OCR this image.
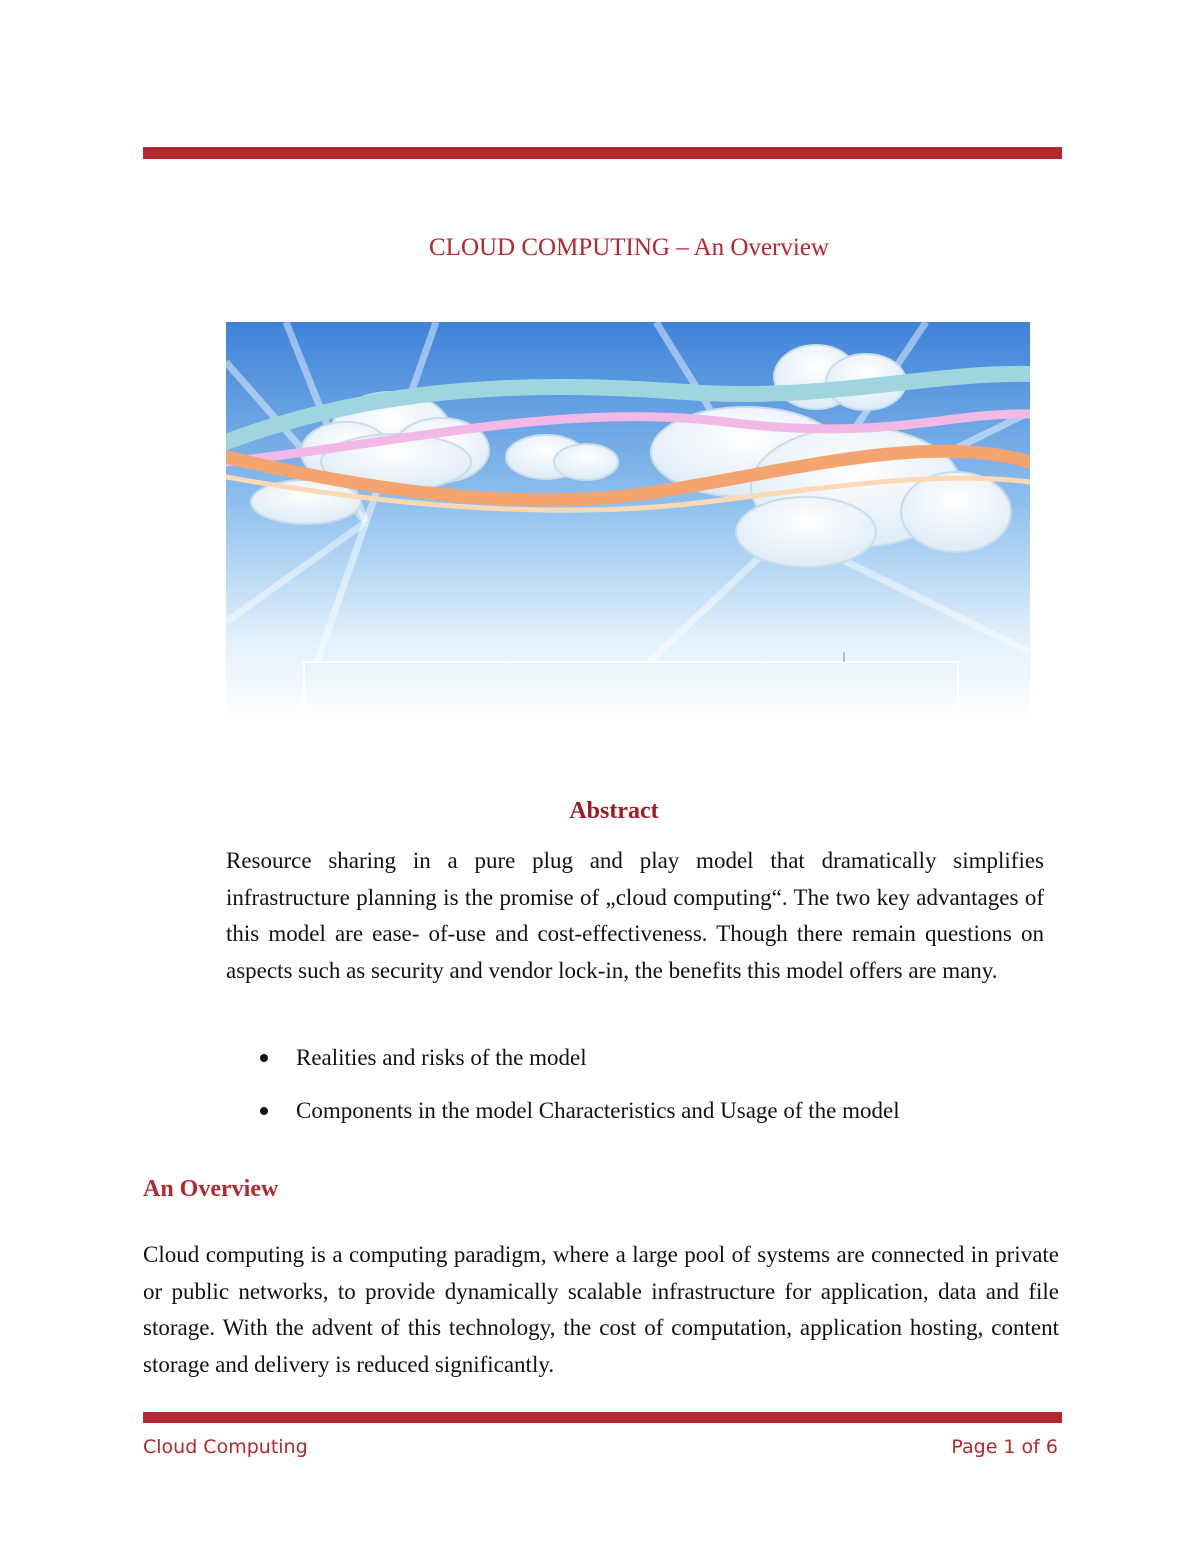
CLOUD COMPUTING – An Overview
Abstract

Resource sharing in a pure plug and play model that dramatically simplifies infrastructure planning is the promise of „cloud computing“. The two key advantages of this model are ease- of-use and cost-effectiveness. Though there remain questions on aspects such as security and vendor lock-in, the benefits this model offers are many.

Realities and risks of the model
Components in the model Characteristics and Usage of the model
An Overview

Cloud computing is a computing paradigm, where a large pool of systems are connected in private or public networks, to provide dynamically scalable infrastructure for application, data and file storage. With the advent of this technology, the cost of computation, application hosting, content storage and delivery is reduced significantly.

Cloud Computing	Page 1 of 6
